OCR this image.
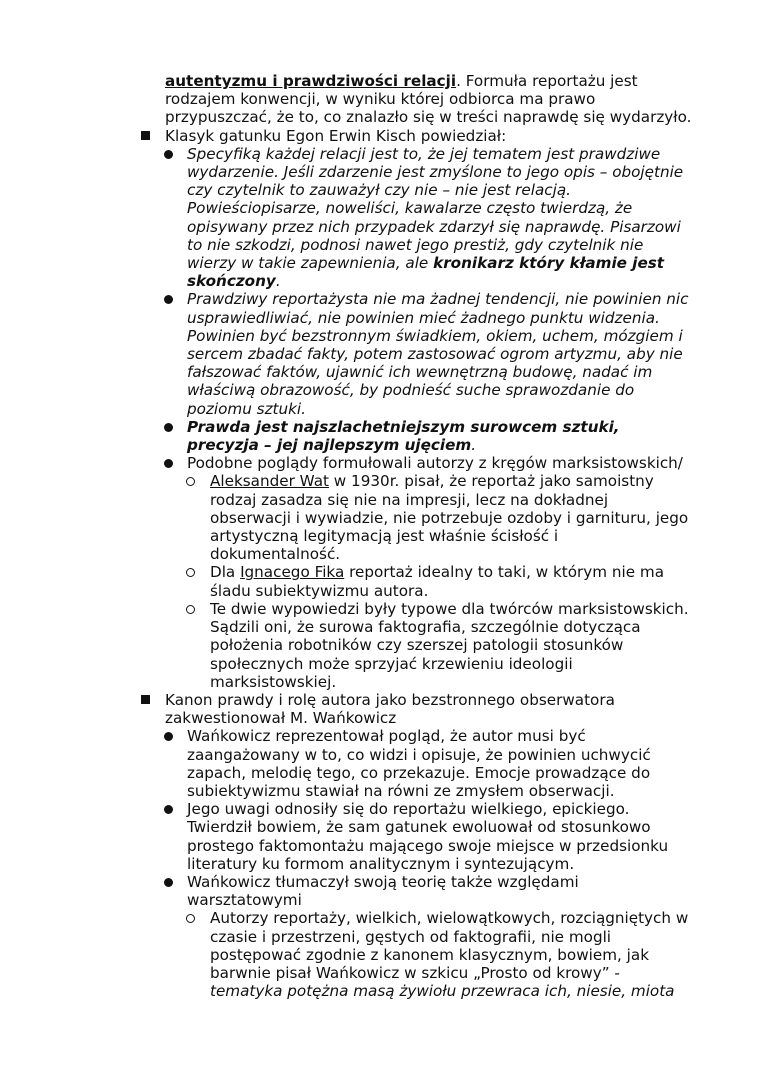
autentyzmu i prawdziwości relacji. Formuła reportażu jest rodzajem konwencji, w wyniku której odbiorca ma prawo przypuszczać, że to, co znalazło się w treści naprawdę się wydarzyło.
Klasyk gatunku Egon Erwin Kisch powiedział:
Specyfiką każdej relacji jest to, że jej tematem jest prawdziwe wydarzenie. Jeśli zdarzenie jest zmyślone to jego opis – obojętnie czy czytelnik to zauważył czy nie – nie jest relacją. Powieściopisarze, noweliści, kawalarze często twierdzą, że opisywany przez nich przypadek zdarzył się naprawdę. Pisarzowi to nie szkodzi, podnosi nawet jego prestiż, gdy czytelnik nie wierzy w takie zapewnienia, ale kronikarz który kłamie jest skończony.
Prawdziwy reportażysta nie ma żadnej tendencji, nie powinien nic usprawiedliwiać, nie powinien mieć żadnego punktu widzenia. Powinien być bezstronnym świadkiem, okiem, uchem, mózgiem i sercem zbadać fakty, potem zastosować ogrom artyzmu, aby nie fałszować faktów, ujawnić ich wewnętrzną budowę, nadać im właściwą obrazowość, by podnieść suche sprawozdanie do poziomu sztuki.
Prawda jest najszlachetniejszym surowcem sztuki, precyzja – jej najlepszym ujęciem.
Podobne poglądy formułowali autorzy z kręgów marksistowskich/
Aleksander Wat w 1930r. pisał, że reportaż jako samoistny rodzaj zasadza się nie na impresji, lecz na dokładnej obserwacji i wywiadzie, nie potrzebuje ozdoby i garnituru, jego artystyczną legitymacją jest właśnie ścisłość i dokumentalność.
Dla Ignacego Fika reportaż idealny to taki, w którym nie ma śladu subiektywizmu autora.
Te dwie wypowiedzi były typowe dla twórców marksistowskich. Sądzili oni, że surowa faktografia, szczególnie dotycząca położenia robotników czy szerszej patologii stosunków społecznych może sprzyjać krzewieniu ideologii marksistowskiej.
Kanon prawdy i rolę autora jako bezstronnego obserwatora zakwestionował M. Wańkowicz
Wańkowicz reprezentował pogląd, że autor musi być zaangażowany w to, co widzi i opisuje, że powinien uchwycić zapach, melodię tego, co przekazuje. Emocje prowadzące do subiektywizmu stawiał na równi ze zmysłem obserwacji.
Jego uwagi odnosiły się do reportażu wielkiego, epickiego. Twierdził bowiem, że sam gatunek ewoluował od stosunkowo prostego faktomontażu mającego swoje miejsce w przedsionku literatury ku formom analitycznym i syntezującym.
Wańkowicz tłumaczył swoją teorię także względami warsztatowymi
Autorzy reportaży, wielkich, wielowątkowych, rozciągniętych w czasie i przestrzeni, gęstych od faktografii, nie mogli postępować zgodnie z kanonem klasycznym, bowiem, jak barwnie pisał Wańkowicz w szkicu „Prosto od krowy” - tematyka potężna masą żywiołu przewraca ich, niesie, miota
